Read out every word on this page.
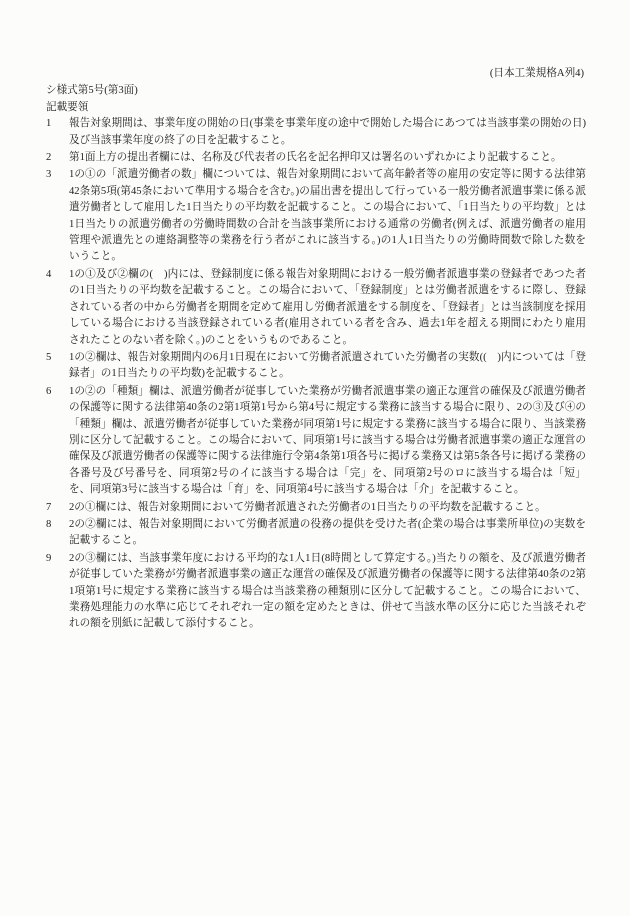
(日本工業規格A列4)
シ様式第5号(第3面)
記載要領
1	報告対象期間は、事業年度の開始の日(事業を事業年度の途中で開始した場合にあつては当該事業の開始の日)及び当該事業年度の終了の日を記載すること。
2	第1面上方の提出者欄には、名称及び代表者の氏名を記名押印又は署名のいずれかにより記載すること。
3	1の①の「派遣労働者の数」欄については、報告対象期間において高年齢者等の雇用の安定等に関する法律第42条第5項(第45条において準用する場合を含む。)の届出書を提出して行っている一般労働者派遣事業に係る派遣労働者として雇用した1日当たりの平均数を記載すること。この場合において、「1日当たりの平均数」とは1日当たりの派遣労働者の労働時間数の合計を当該事業所における通常の労働者(例えば、派遣労働者の雇用管理や派遣先との連絡調整等の業務を行う者がこれに該当する。)の1人1日当たりの労働時間数で除した数をいうこと。
4	1の①及び②欄の(　)内には、登録制度に係る報告対象期間における一般労働者派遣事業の登録者であつた者の1日当たりの平均数を記載すること。この場合において、「登録制度」とは労働者派遣をするに際し、登録されている者の中から労働者を期間を定めて雇用し労働者派遣をする制度を、「登録者」とは当該制度を採用している場合における当該登録されている者(雇用されている者を含み、過去1年を超える期間にわたり雇用されたことのない者を除く。)のことをいうものであること。
5	1の②欄は、報告対象期間内の6月1日現在において労働者派遣されていた労働者の実数((　)内については「登録者」の1日当たりの平均数)を記載すること。
6	1の②の「種類」欄は、派遣労働者が従事していた業務が労働者派遣事業の適正な運営の確保及び派遣労働者の保護等に関する法律第40条の2第1項第1号から第4号に規定する業務に該当する場合に限り、2の③及び④の「種類」欄は、派遣労働者が従事していた業務が同項第1号に規定する業務に該当する場合に限り、当該業務別に区分して記載すること。この場合において、同項第1号に該当する場合は労働者派遣事業の適正な運営の確保及び派遣労働者の保護等に関する法律施行令第4条第1項各号に掲げる業務又は第5条各号に掲げる業務の各番号及び号番号を、同項第2号のイに該当する場合は「完」を、同項第2号のロに該当する場合は「短」を、同項第3号に該当する場合は「育」を、同項第4号に該当する場合は「介」を記載すること。
7	2の①欄には、報告対象期間において労働者派遣された労働者の1日当たりの平均数を記載すること。
8	2の②欄には、報告対象期間において労働者派遣の役務の提供を受けた者(企業の場合は事業所単位)の実数を記載すること。
9	2の③欄には、当該事業年度における平均的な1人1日(8時間として算定する。)当たりの額を、及び派遣労働者が従事していた業務が労働者派遣事業の適正な運営の確保及び派遣労働者の保護等に関する法律第40条の2第1項第1号に規定する業務に該当する場合は当該業務の種類別に区分して記載すること。この場合において、業務処理能力の水準に応じてそれぞれ一定の額を定めたときは、併せて当該水準の区分に応じた当該それぞれの額を別紙に記載して添付すること。
